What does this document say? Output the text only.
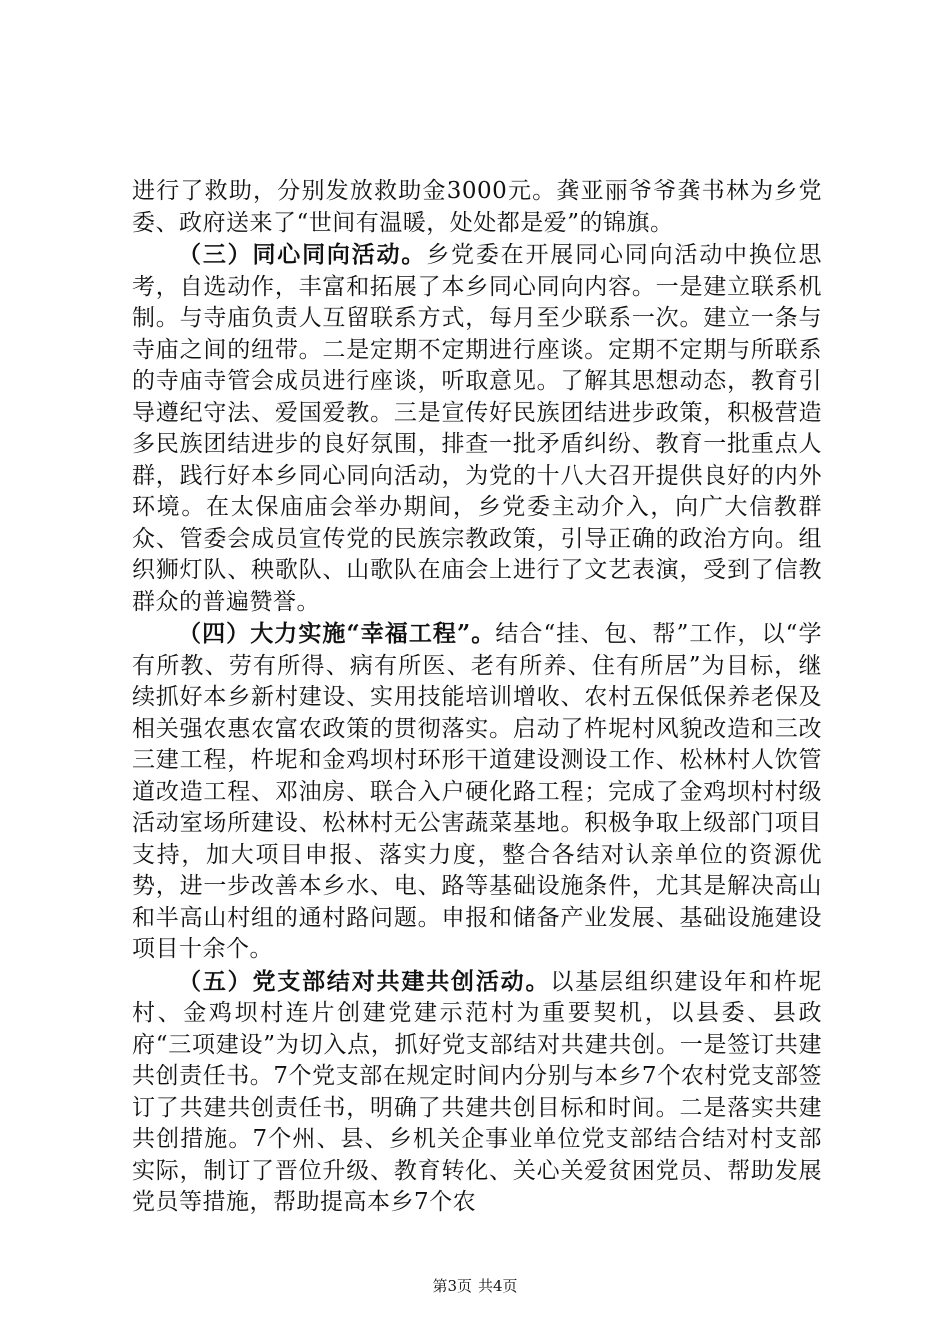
进行了救助，分别发放救助金3000元。龚亚丽爷爷龚书林为乡党委、政府送来了“世间有温暖，处处都是爱”的锦旗。

（三）同心同向活动。乡党委在开展同心同向活动中换位思考，自选动作，丰富和拓展了本乡同心同向内容。一是建立联系机制。与寺庙负责人互留联系方式，每月至少联系一次。建立一条与寺庙之间的纽带。二是定期不定期进行座谈。定期不定期与所联系的寺庙寺管会成员进行座谈，听取意见。了解其思想动态，教育引导遵纪守法、爱国爱教。三是宣传好民族团结进步政策，积极营造多民族团结进步的良好氛围，排查一批矛盾纠纷、教育一批重点人群，践行好本乡同心同向活动，为党的十八大召开提供良好的内外环境。在太保庙庙会举办期间，乡党委主动介入，向广大信教群众、管委会成员宣传党的民族宗教政策，引导正确的政治方向。组织狮灯队、秧歌队、山歌队在庙会上进行了文艺表演，受到了信教群众的普遍赞誉。

（四）大力实施“幸福工程”。结合“挂、包、帮”工作，以“学有所教、劳有所得、病有所医、老有所养、住有所居”为目标，继续抓好本乡新村建设、实用技能培训增收、农村五保低保养老保及相关强农惠农富农政策的贯彻落实。启动了杵坭村风貌改造和三改三建工程，杵坭和金鸡坝村环形干道建设测设工作、松林村人饮管道改造工程、邓油房、联合入户硬化路工程；完成了金鸡坝村村级活动室场所建设、松林村无公害蔬菜基地。积极争取上级部门项目支持，加大项目申报、落实力度，整合各结对认亲单位的资源优势，进一步改善本乡水、电、路等基础设施条件，尤其是解决高山和半高山村组的通村路问题。申报和储备产业发展、基础设施建设项目十余个。

（五）党支部结对共建共创活动。以基层组织建设年和杵坭村、金鸡坝村连片创建党建示范村为重要契机，以县委、县政府“三项建设”为切入点，抓好党支部结对共建共创。一是签订共建共创责任书。7个党支部在规定时间内分别与本乡7个农村党支部签订了共建共创责任书，明确了共建共创目标和时间。二是落实共建共创措施。7个州、县、乡机关企事业单位党支部结合结对村支部实际，制订了晋位升级、教育转化、关心关爱贫困党员、帮助发展党员等措施，帮助提高本乡7个农

第3页 共4页
